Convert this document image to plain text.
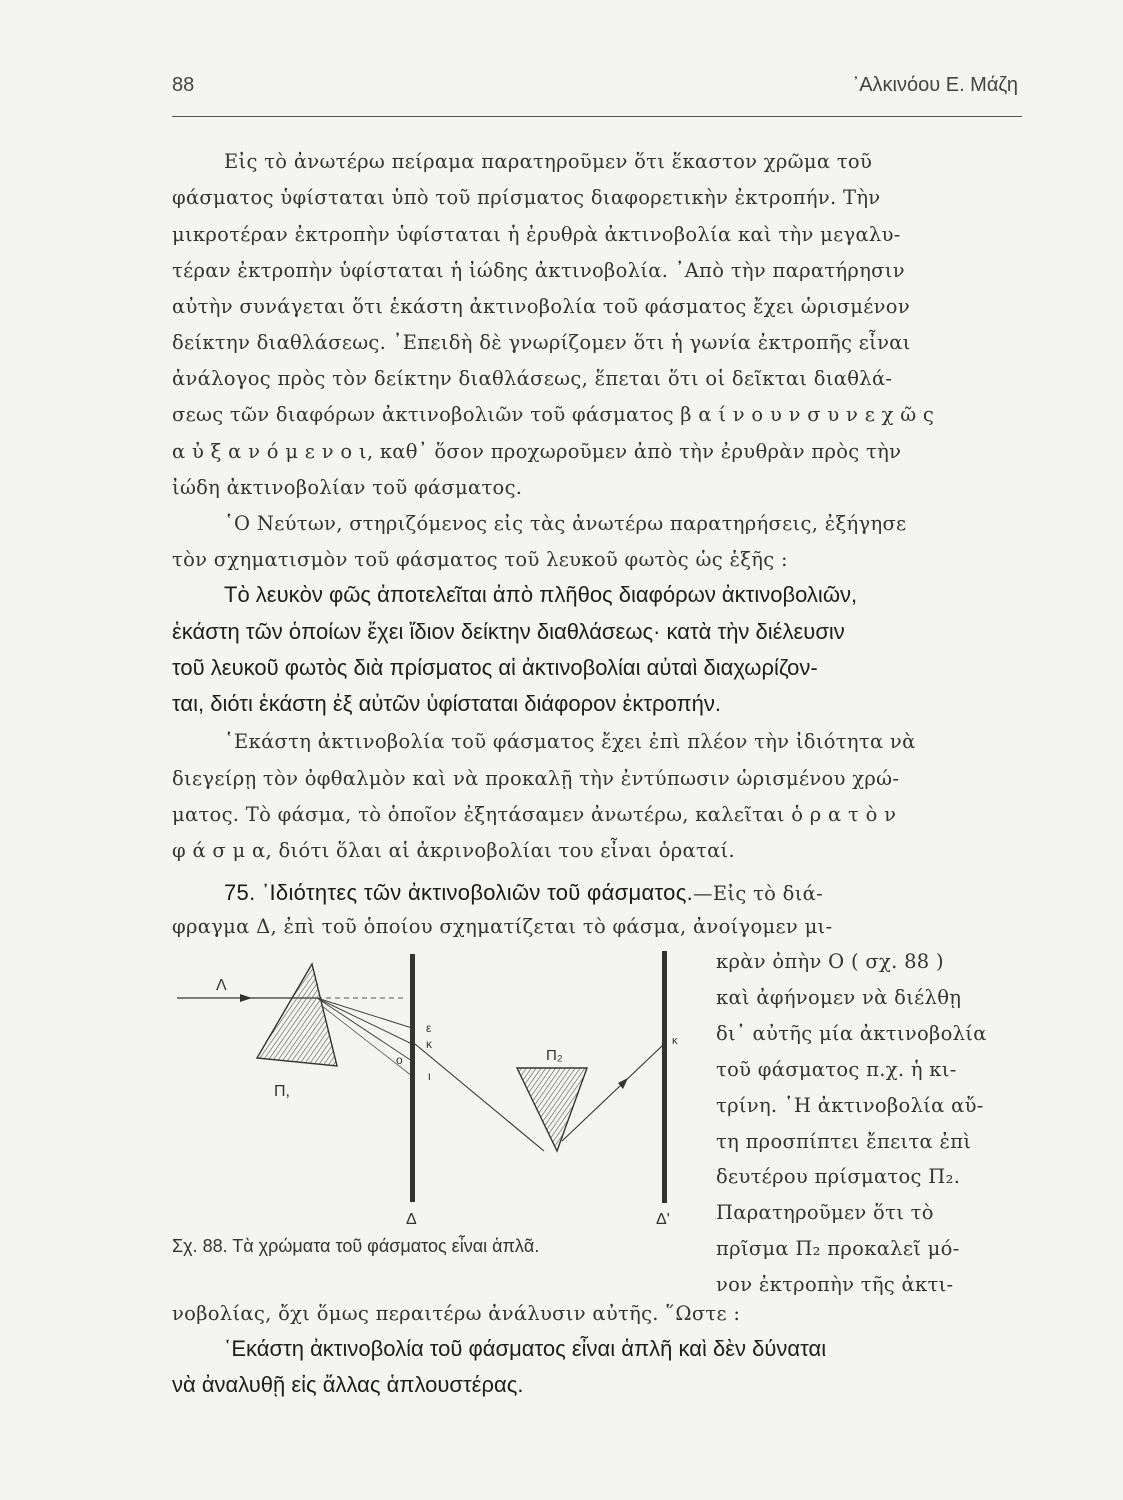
88	᾿Αλκινόου Ε. Μάζη
Εἰς τὸ ἀνωτέρω πείραμα παρατηροῦμεν ὅτι ἕκαστον χρῶμα τοῦ
φάσματος ὑφίσταται ὑπὸ τοῦ πρίσματος διαφορετικὴν ἐκτροπήν. Τὴν
μικροτέραν ἐκτροπὴν ὑφίσταται ἡ ἐρυθρὰ ἀκτινοβολία καὶ τὴν μεγαλυ-
τέραν ἐκτροπὴν ὑφίσταται ἡ ἰώδης ἀκτινοβολία. ᾿Απὸ τὴν παρατήρησιν
αὐτὴν συνάγεται ὅτι ἑκάστη ἀκτινοβολία τοῦ φάσματος ἔχει ὡρισμένον
δείκτην διαθλάσεως. ᾿Επειδὴ δὲ γνωρίζομεν ὅτι ἡ γωνία ἐκτροπῆς εἶναι
ἀνάλογος πρὸς τὸν δείκτην διαθλάσεως, ἕπεται ὅτι οἱ δεῖκται διαθλά-
σεως τῶν διαφόρων ἀκτινοβολιῶν τοῦ φάσματος β α ί ν ο υ ν σ υ ν ε χ ῶ ς
α ὐ ξ α ν ό μ ε ν ο ι, καθ᾿ ὅσον προχωροῦμεν ἀπὸ τὴν ἐρυθρὰν πρὸς τὴν
ἰώδη ἀκτινοβολίαν τοῦ φάσματος.
῾Ο Νεύτων, στηριζόμενος εἰς τὰς ἀνωτέρω παρατηρήσεις, ἐξήγησε
τὸν σχηματισμὸν τοῦ φάσματος τοῦ λευκοῦ φωτὸς ὡς ἑξῆς :
Τὸ λευκὸν φῶς ἀποτελεῖται ἀπὸ πλῆθος διαφόρων ἀκτινοβολιῶν,
ἑκάστη τῶν ὁποίων ἔχει ἴδιον δείκτην διαθλάσεως· κατὰ τὴν διέλευσιν
τοῦ λευκοῦ φωτὸς διὰ πρίσματος αἱ ἀκτινοβολίαι αὐταὶ διαχωρίζον-
ται, διότι ἑκάστη ἐξ αὐτῶν ὑφίσταται διάφορον ἐκτροπήν.
῾Εκάστη ἀκτινοβολία τοῦ φάσματος ἔχει ἐπὶ πλέον τὴν ἰδιότητα νὰ
διεγείρῃ τὸν ὀφθαλμὸν καὶ νὰ προκαλῇ τὴν ἐντύπωσιν ὡρισμένου χρώ-
ματος. Τὸ φάσμα, τὸ ὁποῖον ἐξητάσαμεν ἀνωτέρω, καλεῖται ὁ ρ α τ ὸ ν
φ ά σ μ α, διότι ὅλαι αἱ ἀκρινοβολίαι του εἶναι ὁραταί.
75. ᾿Ιδιότητες τῶν ἀκτινοβολιῶν τοῦ φάσματος.—Εἰς τὸ διά-
φραγμα Δ, ἐπὶ τοῦ ὁποίου σχηματίζεται τὸ φάσμα, ἀνοίγομεν μι-
κρὰν ὀπὴν Ο ( σχ. 88 )
καὶ ἀφήνομεν νὰ διέλθῃ
δι᾿ αὐτῆς μία ἀκτινοβολία
τοῦ φάσματος π.χ. ἡ κι-
τρίνη. ῾Η ἀκτινοβολία αὔ-
τη προσπίπτει ἔπειτα ἐπὶ
δευτέρου πρίσματος Π₂.
Παρατηροῦμεν ὅτι τὸ
πρῖσμα Π₂ προκαλεῖ μό-
νον ἐκτροπὴν τῆς ἀκτι-
Λ
Π,
Π₂
ε
κ
ο
ι
κ
Δ	Δ'
Σχ. 88. Τὰ χρώματα τοῦ φάσματος εἶναι ἁπλᾶ.
νοβολίας, ὄχι ὅμως περαιτέρω ἀνάλυσιν αὐτῆς. ῞Ωστε :
῾Εκάστη ἀκτινοβολία τοῦ φάσματος εἶναι ἁπλῆ καὶ δὲν δύναται
νὰ ἀναλυθῇ εἰς ἄλλας ἁπλουστέρας.
